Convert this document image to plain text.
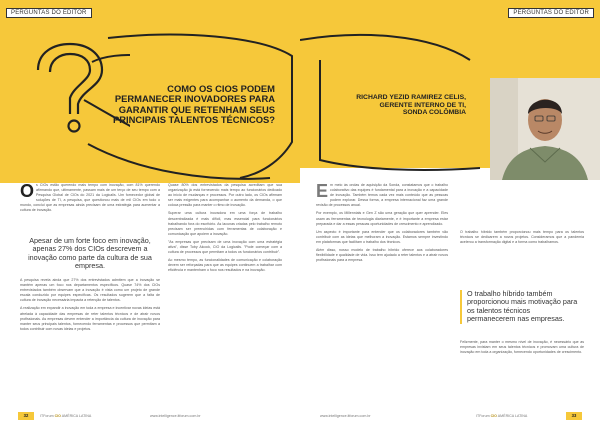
PERGUNTAS DO EDITOR
COMO OS CIOS PODEM PERMANECER INOVADORES PARA GARANTIR QUE RETENHAM SEUS PRINCIPAIS TALENTOS TÉCNICOS?
O s CIOs estão querendo mais tempo com inovação, com 81% querendo afirmando que, ultimamente, passam mais de um terço de seu tempo com a Pesquisa Global de CIOs do 2021 da Logicalis. Um fornecedor global de soluções de TI, a pesquisa, que questionou mais de mil CIOs em todo o mundo, conclui que as empresas ainda precisam de uma estratégia para aumentar a cultura de inovação.

Apesar de um forte foco em inovação, apenas 27% dos CIOs descrevem a inovação como parte da cultura de sua empresa.

A pesquisa revela ainda que 27% dos entrevistados admitem que a inovação se mantém apenas um foco nos departamentos específicos. Quase 74% dos CIOs entrevistados também observam que a inovação é vista como um projeto de grande escala conduzido por equipes específicas. Os resultados sugerem que a falta de cultura de inovação necessária impacta a retenção de talentos.

A realização em expandir a inovação em toda a empresa e incentivar novas ideias está atrelada à capacidade das empresas de reter talentos técnicos e de atrair novos profissionais. As empresas devem entender a importância da cultura de inovação para manter seus principais talentos, fornecendo ferramentas e processos que permitam a todos contribuir com novas ideias e projetos.

Quase 80% dos entrevistados da pesquisa acreditam que sua organização já está fornecendo mais tempo ao funcionários dedicado ao início de mudanças e processos. Por outro lado, os CIOs afirmam ser mais exigentes para acompanhar o aumento da demanda, o que coloca pressão para manter o ritmo de inovação.

Superar uma cultura inovadora em uma força de trabalho descentralizada é mais difícil, mas essencial para funcionários trabalhando fora do escritório. As lacunas criadas pelo trabalho remoto precisam ser preenchidas com ferramentas de colaboração e comunicação que apoiem a inovação.

"As empresas que precisam de uma inovação com uma estratégia ativa", disse Toby Alcock, CIO da Logicalis. "Pode começar com a cultura de processos que permitam a todos os funcionários contribuir".

Ao mesmo tempo, as funcionalidades de comunicação e colaboração devem ser reforçadas para que as equipes continuem a trabalhar com eficiência e mantenham o foco nos resultados e na inovação.

32	ITForum CIO AMÉRICA LATINA	www.intelligence.itforum.com.br
PERGUNTAS DO EDITOR
RICHARD YEZID RAMIREZ CELIS, GERENTE INTERNO DE TI, SONDA COLÔMBIA
E m meio às ondas de aquisição da Sonda, constatamos que o trabalho colaborativo das equipes é fundamental para a inovação e a capacidade de inovação. Também temos cada vez mais conteúdo que as pessoas podem explorar. Dessa forma, a empresa internacional faz uma grande revisão de processos anual.

Por exemplo, os Millennials e Gen Z são uma geração que quer aprender. Eles usam as ferramentas de tecnologia diariamente, e é importante a empresa estar preparada e dar a essas pessoas oportunidades de crescimento e aprendizado.

Um aspecto é importante para entender que os colaboradores também vão contribuir com as ideias que melhoram a inovação. Estamos sempre investindo em plataformas que facilitam o trabalho dos técnicos.

Além disso, nosso modelo de trabalho híbrido oferece aos colaboradores flexibilidade e qualidade de vida. Isso tem ajudado a reter talentos e a atrair novos profissionais para a empresa.

O trabalho híbrido também proporcionou mais tempo para os talentos técnicos se dedicarem a novos projetos. Consideramos que a pandemia acelerou a transformação digital e a forma como trabalhamos.

O trabalho híbrido também proporcionou mais motivação para os talentos técnicos permanecerem nas empresas.

Felizmente, para manter o mesmo nível de inovação, é necessário que as empresas invistam em seus talentos técnicos e promovam uma cultura de inovação em toda a organização, fornecendo oportunidades de crescimento.

www.intelligence.itforum.com.br	ITForum CIO AMÉRICA LATINA	33
